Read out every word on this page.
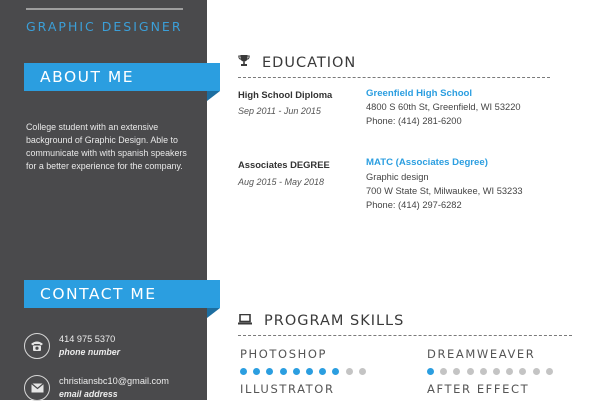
GRAPHIC DESIGNER
ABOUT ME
College student with an extensive background of Graphic Design. Able to communicate with with spanish speakers for a better experience for the company.
CONTACT ME
414 975 5370
phone number
christiansbc10@gmail.com
email address
EDUCATION
High School Diploma
Sep 2011 - Jun 2015
Greenfield High School
4800 S 60th St, Greenfield, WI 53220
Phone: (414) 281-6200
Associates DEGREE
Aug 2015 - May 2018
MATC (Associates Degree)
Graphic design
700 W State St, Milwaukee, WI 53233
Phone: (414) 297-6282
PROGRAM SKILLS
PHOTOSHOP	DREAMWEAVER
ILLUSTRATOR	AFTER EFFECT
